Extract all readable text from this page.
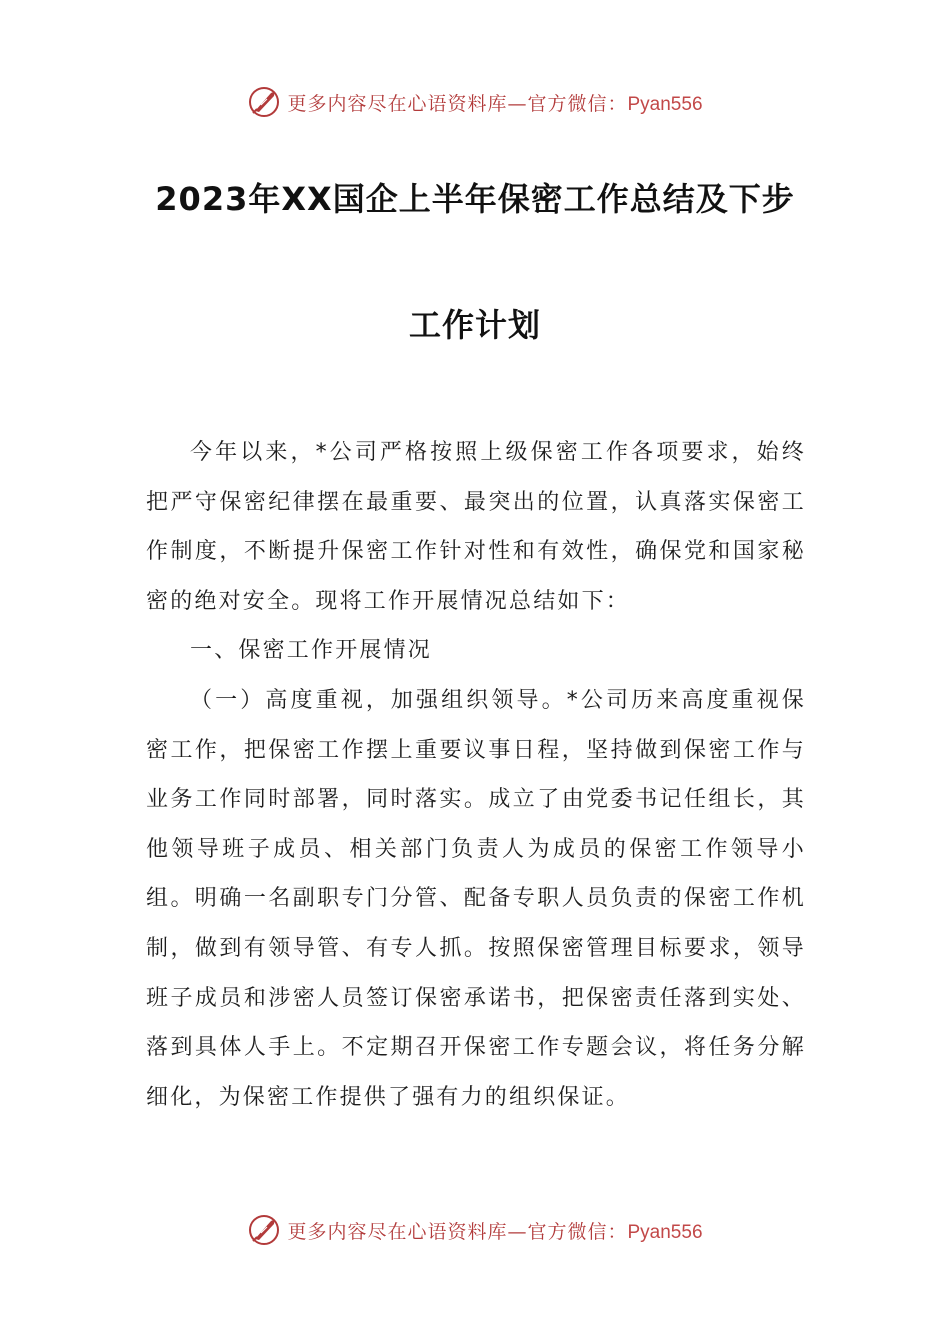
更多内容尽在心语资料库—官方微信：Pyan556
2023年XX国企上半年保密工作总结及下步
工作计划

今年以来，*公司严格按照上级保密工作各项要求，始终把严守保密纪律摆在最重要、最突出的位置，认真落实保密工作制度，不断提升保密工作针对性和有效性，确保党和国家秘密的绝对安全。现将工作开展情况总结如下：

一、保密工作开展情况

（一）高度重视，加强组织领导。*公司历来高度重视保密工作，把保密工作摆上重要议事日程，坚持做到保密工作与业务工作同时部署，同时落实。成立了由党委书记任组长，其他领导班子成员、相关部门负责人为成员的保密工作领导小组。明确一名副职专门分管、配备专职人员负责的保密工作机制，做到有领导管、有专人抓。按照保密管理目标要求，领导班子成员和涉密人员签订保密承诺书，把保密责任落到实处、落到具体人手上。不定期召开保密工作专题会议，将任务分解细化，为保密工作提供了强有力的组织保证。

更多内容尽在心语资料库—官方微信：Pyan556
